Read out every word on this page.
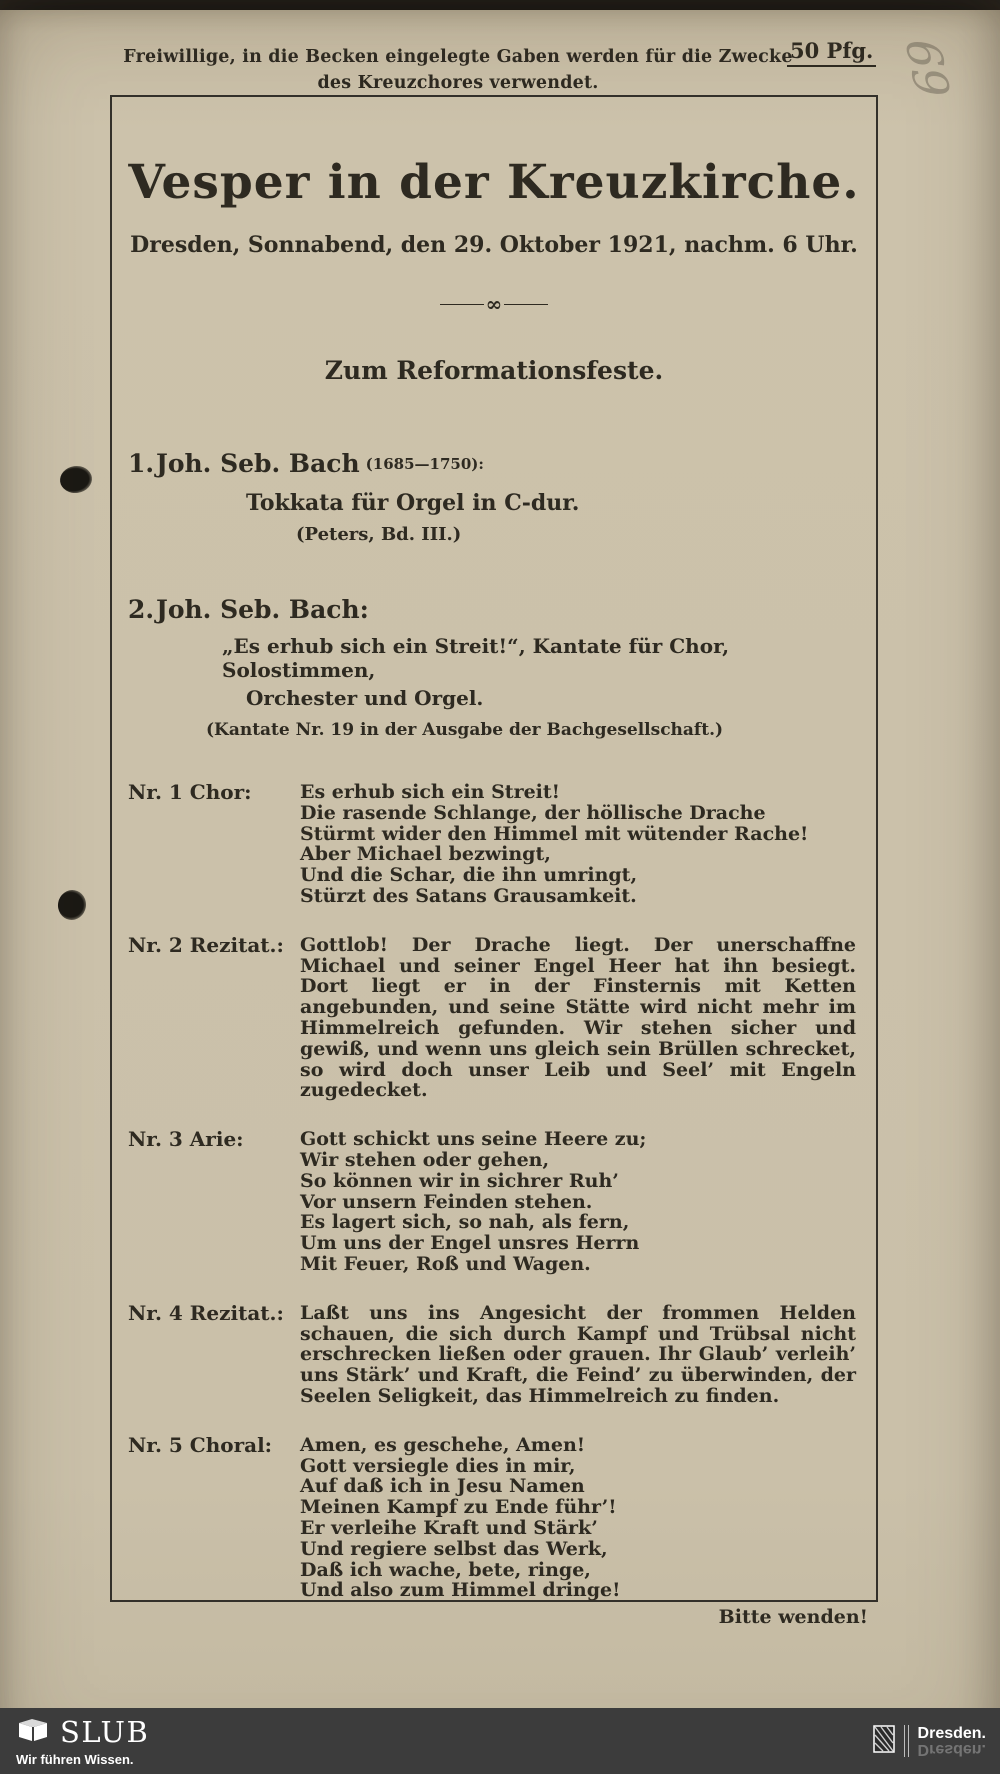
Freiwillige, in die Becken eingelegte Gaben werden für die Zwecke
des Kreuzchores verwendet.
50 Pfg. 69
Vesper in der Kreuzkirche.
Dresden, Sonnabend, den 29. Oktober 1921, nachm. 6 Uhr.
∞
Zum Reformationsfeste.
1.Joh. Seb. Bach (1685—1750):
Tokkata für Orgel in C-dur.
(Peters, Bd. III.)
2.Joh. Seb. Bach:
„Es erhub sich ein Streit!“, Kantate für Chor, Solostimmen,
Orchester und Orgel.
(Kantate Nr. 19 in der Ausgabe der Bachgesellschaft.)
Nr. 1 Chor:	Es erhub sich ein Streit!
Die rasende Schlange, der höllische Drache
Stürmt wider den Himmel mit wütender Rache!
Aber Michael bezwingt,
Und die Schar, die ihn umringt,
Stürzt des Satans Grausamkeit.
Nr. 2 Rezitat.: Gottlob! Der Drache liegt. Der unerschaffne Michael und seiner Engel Heer hat ihn besiegt. Dort liegt er in der Finsternis mit Ketten angebunden, und seine Stätte wird nicht mehr im Himmelreich gefunden. Wir stehen sicher und gewiß, und wenn uns gleich sein Brüllen schrecket, so wird doch unser Leib und Seel’ mit Engeln zugedecket.
Nr. 3 Arie:	Gott schickt uns seine Heere zu;
Wir stehen oder gehen,
So können wir in sichrer Ruh’
Vor unsern Feinden stehen.
Es lagert sich, so nah, als fern,
Um uns der Engel unsres Herrn
Mit Feuer, Roß und Wagen.
Nr. 4 Rezitat.: Laßt uns ins Angesicht der frommen Helden schauen, die sich durch Kampf und Trübsal nicht erschrecken ließen oder grauen. Ihr Glaub’ verleih’ uns Stärk’ und Kraft, die Feind’ zu überwinden, der Seelen Seligkeit, das Himmelreich zu finden.
Nr. 5 Choral:	Amen, es geschehe, Amen!
Gott versiegle dies in mir,
Auf daß ich in Jesu Namen
Meinen Kampf zu Ende führ’!
Er verleihe Kraft und Stärk’
Und regiere selbst das Werk,
Daß ich wache, bete, ringe,
Und also zum Himmel dringe!
Bitte wenden!
SLUB
Wir führen Wissen.
Dresden.
Dresden.
